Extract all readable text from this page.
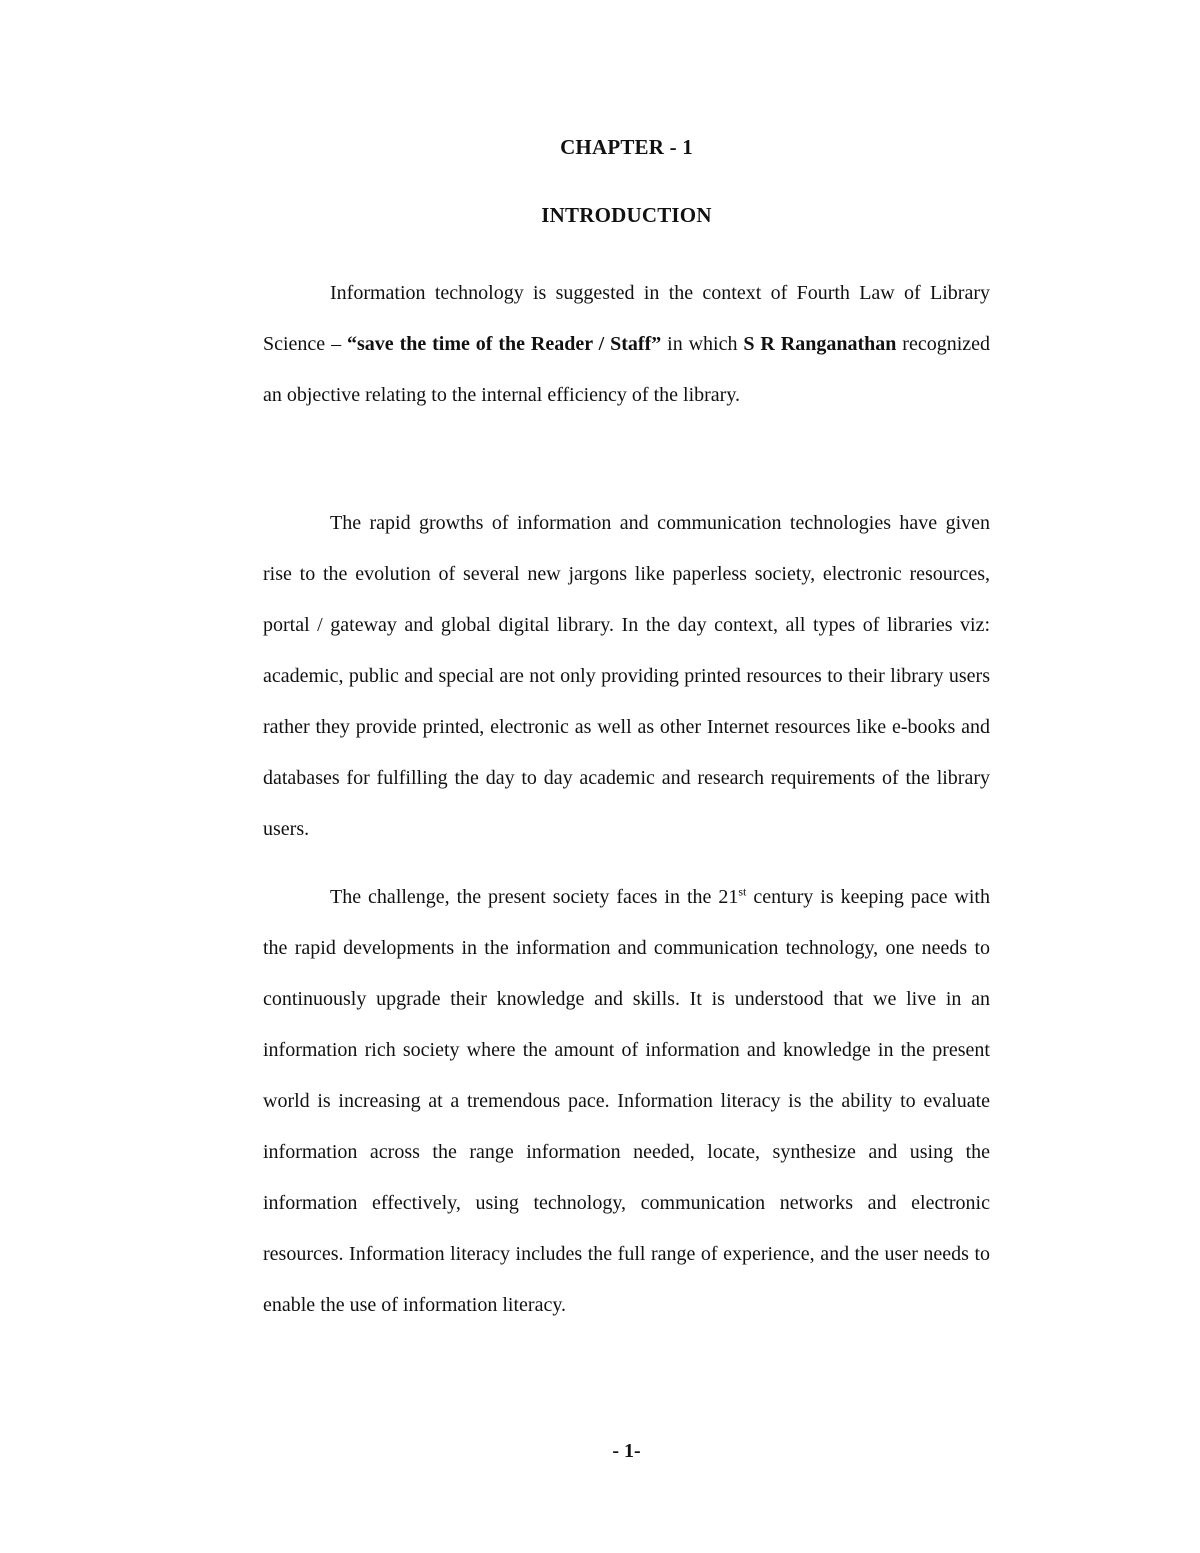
CHAPTER - 1
INTRODUCTION

Information technology is suggested in the context of Fourth Law of Library Science – “save the time of the Reader / Staff” in which S R Ranganathan recognized an objective relating to the internal efficiency of the library.

The rapid growths of information and communication technologies have given rise to the evolution of several new jargons like paperless society, electronic resources, portal / gateway and global digital library. In the day context, all types of libraries viz: academic, public and special are not only providing printed resources to their library users rather they provide printed, electronic as well as other Internet resources like e-books and databases for fulfilling the day to day academic and research requirements of the library users.

The challenge, the present society faces in the 21st century is keeping pace with the rapid developments in the information and communication technology, one needs to continuously upgrade their knowledge and skills. It is understood that we live in an information rich society where the amount of information and knowledge in the present world is increasing at a tremendous pace. Information literacy is the ability to evaluate information across the range information needed, locate, synthesize and using the information effectively, using technology, communication networks and electronic resources. Information literacy includes the full range of experience, and the user needs to enable the use of information literacy.

- 1-
